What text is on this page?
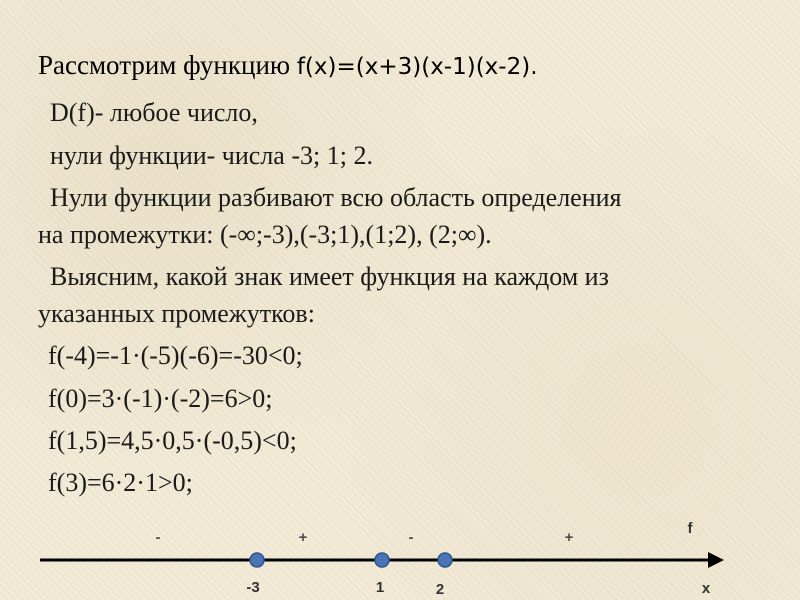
Рассмотрим функцию f(x)=(x+3)(x-1)(x-2).
D(f)- любое число,
нули функции- числа -3; 1; 2.
Нули функции разбивают всю область определения
на промежутки: (-∞;-3),(-3;1),(1;2), (2;∞).
Выясним, какой знак имеет функция на каждом из
указанных промежутков:
f(-4)=-1·(-5)(-6)=-30<0;
f(0)=3·(-1)·(-2)=6>0;
f(1,5)=4,5·0,5·(-0,5)<0;
f(3)=6·2·1>0;
-	+	-	+
f
-3	1	2	x
